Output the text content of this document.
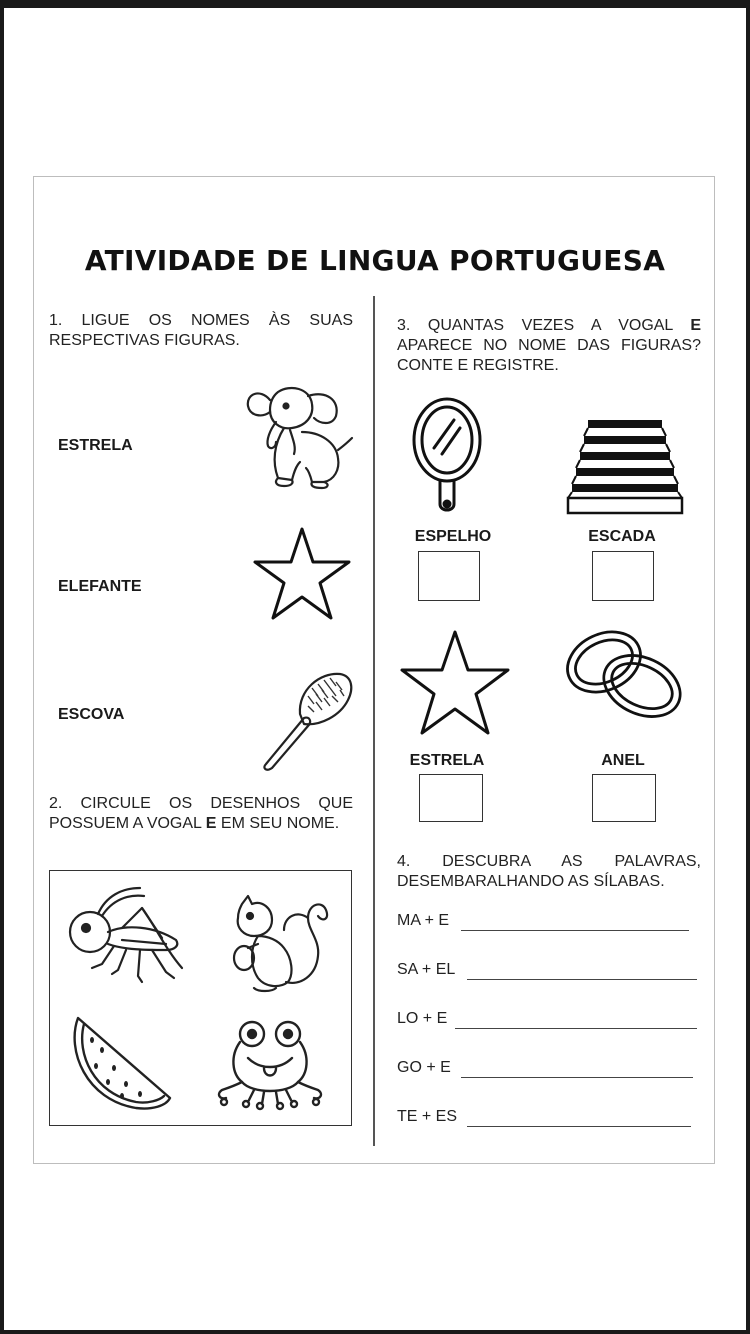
ATIVIDADE DE LINGUA PORTUGUESA
1. LIGUE OS NOMES ÀS SUAS RESPECTIVAS FIGURAS.
ESTRELA
ELEFANTE
ESCOVA
2. CIRCULE OS DESENHOS QUE POSSUEM A VOGAL E EM SEU NOME.
3. QUANTAS VEZES A VOGAL E APARECE NO NOME DAS FIGURAS? CONTE E REGISTRE.
ESPELHO	ESCADA
ESTRELA	ANEL
4. DESCUBRA AS PALAVRAS, DESEMBARALHANDO AS SÍLABAS.
MA + E
SA + EL
LO + E
GO + E
TE + ES
